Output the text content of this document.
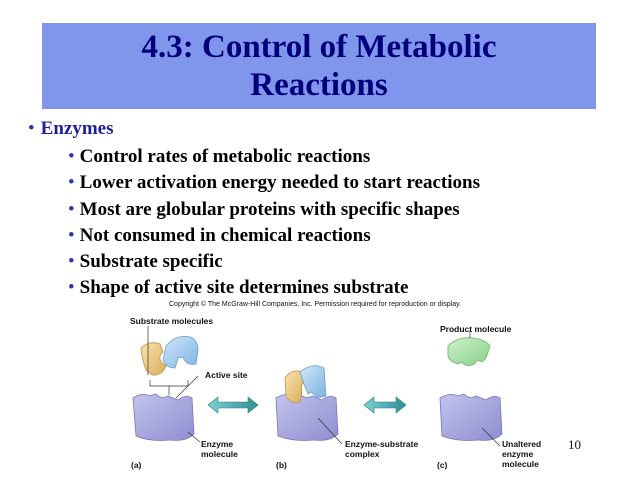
4.3: Control of Metabolic
Reactions
• Enzymes
• Control rates of metabolic reactions
• Lower activation energy needed to start reactions
• Most are globular proteins with specific shapes
• Not consumed in chemical reactions
• Substrate specific
• Shape of active site determines substrate
Copyright © The McGraw-Hill Companies, Inc. Permission required for reproduction or display.
Substrate molecules
Product molecule
Active site
Enzyme
molecule
Enzyme-substrate
complex
Unaltered
enzyme
molecule
(a)	(b)	(c)
10
